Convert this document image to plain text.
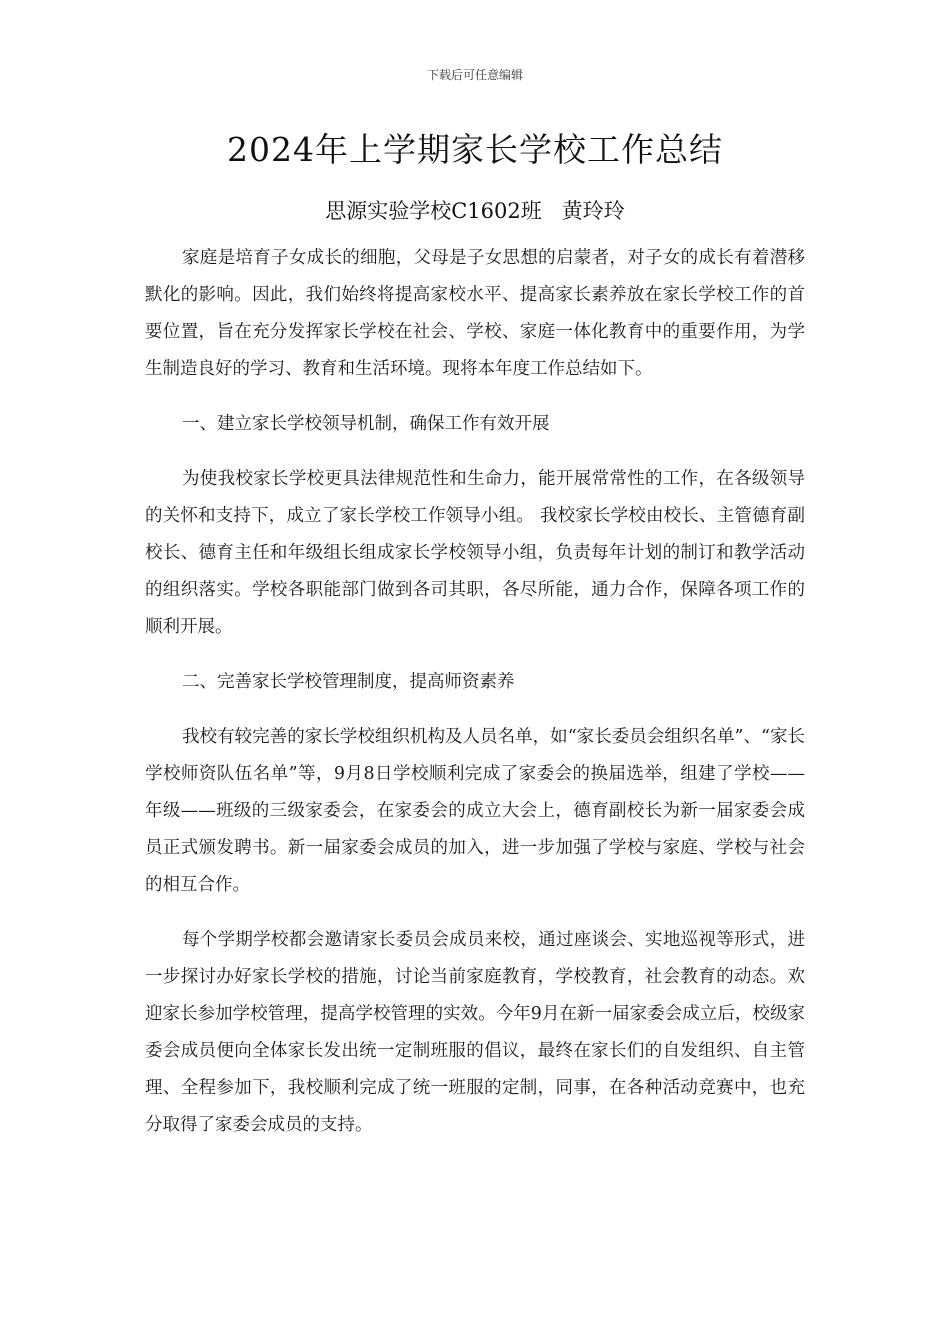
下载后可任意编辑
2024年上学期家长学校工作总结
思源实验学校C1602班   黄玲玲

家庭是培育子女成长的细胞，父母是子女思想的启蒙者，对子女的成长有着潜移默化的影响。因此，我们始终将提高家校水平、提高家长素养放在家长学校工作的首要位置，旨在充分发挥家长学校在社会、学校、家庭一体化教育中的重要作用，为学生制造良好的学习、教育和生活环境。现将本年度工作总结如下。

一、建立家长学校领导机制，确保工作有效开展

为使我校家长学校更具法律规范性和生命力，能开展常常性的工作，在各级领导的关怀和支持下，成立了家长学校工作领导小组。 我校家长学校由校长、主管德育副校长、德育主任和年级组长组成家长学校领导小组，负责每年计划的制订和教学活动的组织落实。学校各职能部门做到各司其职，各尽所能，通力合作，保障各项工作的顺利开展。

二、完善家长学校管理制度，提高师资素养

我校有较完善的家长学校组织机构及人员名单，如“家长委员会组织名单”、“家长学校师资队伍名单”等，9月8日学校顺利完成了家委会的换届选举，组建了学校——年级——班级的三级家委会，在家委会的成立大会上，德育副校长为新一届家委会成员正式颁发聘书。新一届家委会成员的加入，进一步加强了学校与家庭、学校与社会的相互合作。

每个学期学校都会邀请家长委员会成员来校，通过座谈会、实地巡视等形式，进一步探讨办好家长学校的措施，讨论当前家庭教育，学校教育，社会教育的动态。欢迎家长参加学校管理，提高学校管理的实效。今年9月在新一届家委会成立后，校级家委会成员便向全体家长发出统一定制班服的倡议，最终在家长们的自发组织、自主管理、全程参加下，我校顺利完成了统一班服的定制，同事，在各种活动竞赛中，也充分取得了家委会成员的支持。
